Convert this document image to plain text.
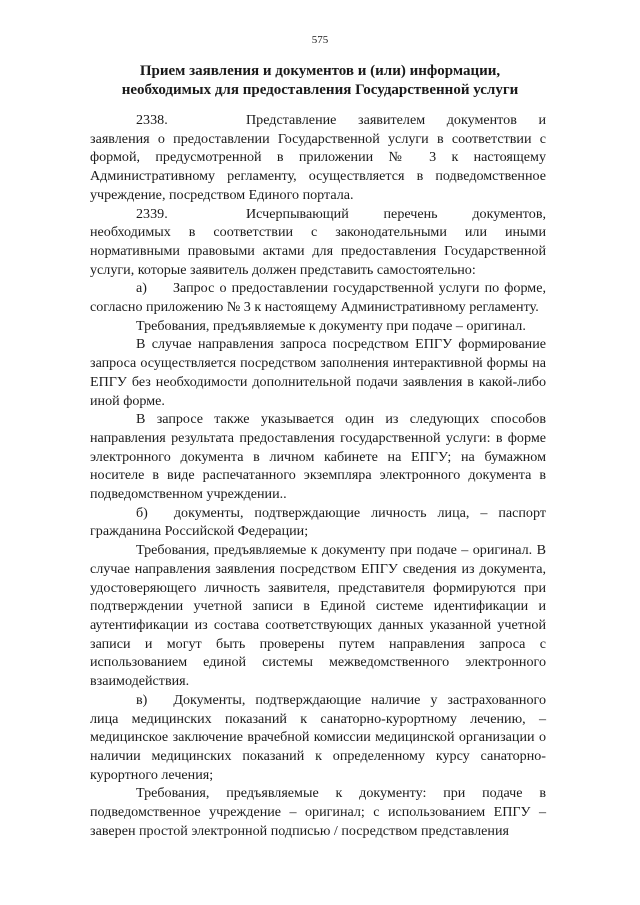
575
Прием заявления и документов и (или) информации,
необходимых для предоставления Государственной услуги

2338.	Представление заявителем документов и заявления о предоставлении Государственной услуги в соответствии с формой, предусмотренной в приложении № 3 к настоящему Административному регламенту, осуществляется в подведомственное учреждение, посредством Единого портала.

2339.	Исчерпывающий перечень документов, необходимых в соответствии с законодательными или иными нормативными правовыми актами для предоставления Государственной услуги, которые заявитель должен представить самостоятельно:

а) Запрос о предоставлении государственной услуги по форме, согласно приложению № 3 к настоящему Административному регламенту.

Требования, предъявляемые к документу при подаче – оригинал.

В случае направления запроса посредством ЕПГУ формирование запроса осуществляется посредством заполнения интерактивной формы на ЕПГУ без необходимости дополнительной подачи заявления в какой-либо иной форме.

В запросе также указывается один из следующих способов направления результата предоставления государственной услуги: в форме электронного документа в личном кабинете на ЕПГУ; на бумажном носителе в виде распечатанного экземпляра электронного документа в подведомственном учреждении..

б) документы, подтверждающие личность лица, – паспорт гражданина Российской Федерации;

Требования, предъявляемые к документу при подаче – оригинал. В случае направления заявления посредством ЕПГУ сведения из документа, удостоверяющего личность заявителя, представителя формируются при подтверждении учетной записи в Единой системе идентификации и аутентификации из состава соответствующих данных указанной учетной записи и могут быть проверены путем направления запроса с использованием единой системы межведомственного электронного взаимодействия.

в) Документы, подтверждающие наличие у застрахованного лица медицинских показаний к санаторно-курортному лечению, – медицинское заключение врачебной комиссии медицинской организации о наличии медицинских показаний к определенному курсу санаторно-курортного лечения;

Требования, предъявляемые к документу: при подаче в подведомственное учреждение – оригинал; с использованием ЕПГУ – заверен простой электронной подписью / посредством представления
